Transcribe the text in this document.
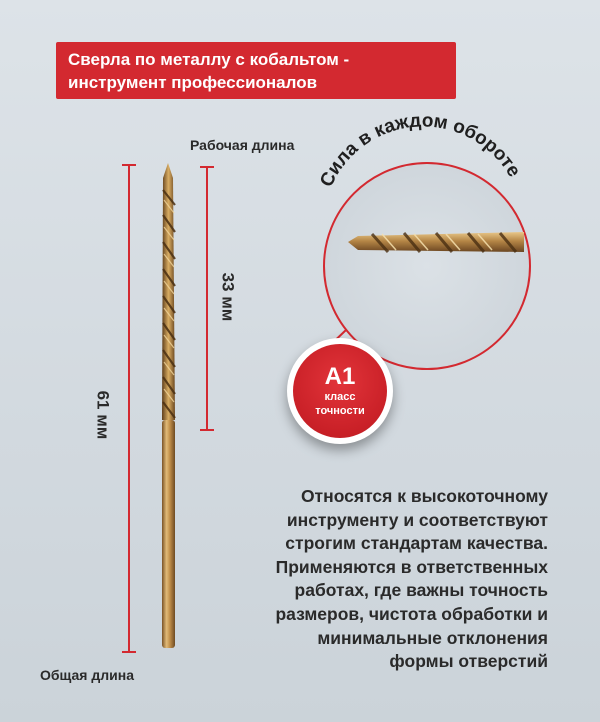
Сверла по металлу с кобальтом -
инструмент профессионалов
Сила в каждом обороте
Рабочая длина
Общая длина
33 мм
61 мм
A1
класс
точности
Относятся к высокоточному
инструменту и соответствуют
строгим стандартам качества.
Применяются в ответственных
работах, где важны точность
размеров, чистота обработки и
минимальные отклонения
формы отверстий
